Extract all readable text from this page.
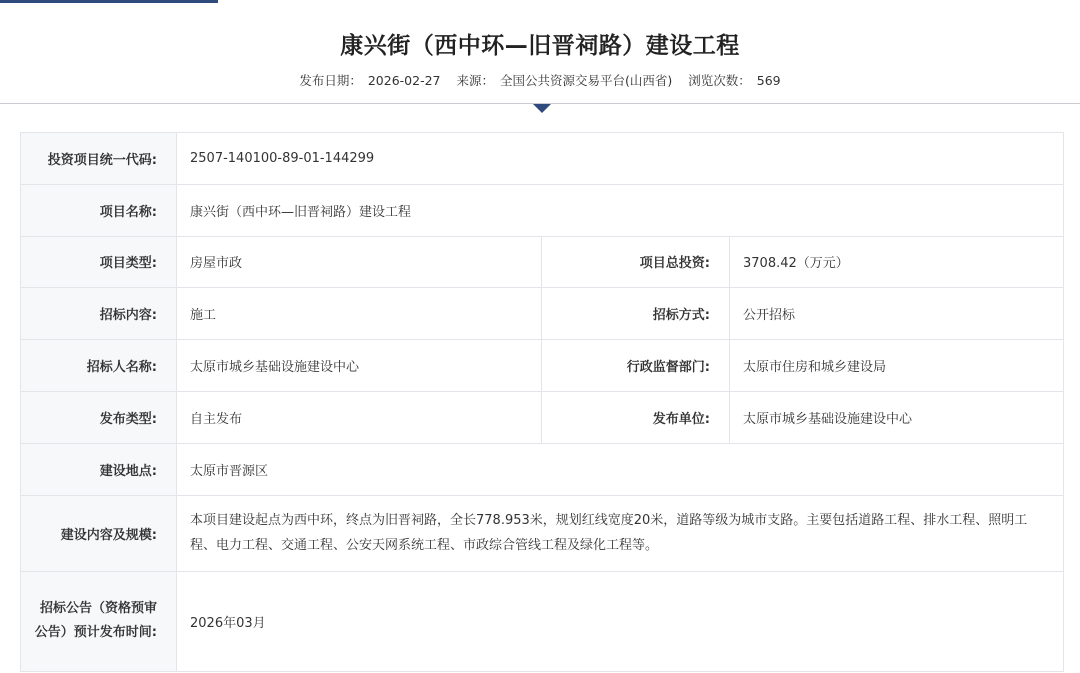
康兴街（西中环—旧晋祠路）建设工程
发布日期： 2026-02-27 来源： 全国公共资源交易平台(山西省) 浏览次数： 569
投资项目统一代码:	2507-140100-89-01-144299		
项目名称:	康兴街（西中环—旧晋祠路）建设工程		
项目类型:	房屋市政	项目总投资:	3708.42（万元）
招标内容:	施工	招标方式:	公开招标
招标人名称:	太原市城乡基础设施建设中心	行政监督部门:	太原市住房和城乡建设局
发布类型:	自主发布	发布单位:	太原市城乡基础设施建设中心
建设地点:	太原市晋源区		
建设内容及规模:	本项目建设起点为西中环，终点为旧晋祠路，全长778.953米，规划红线宽度20米，道路等级为城市支路。主要包括道路工程、排水工程、照明工程、电力工程、交通工程、公安天网系统工程、市政综合管线工程及绿化工程等。		
招标公告（资格预审公告）预计发布时间:	2026年03月		
